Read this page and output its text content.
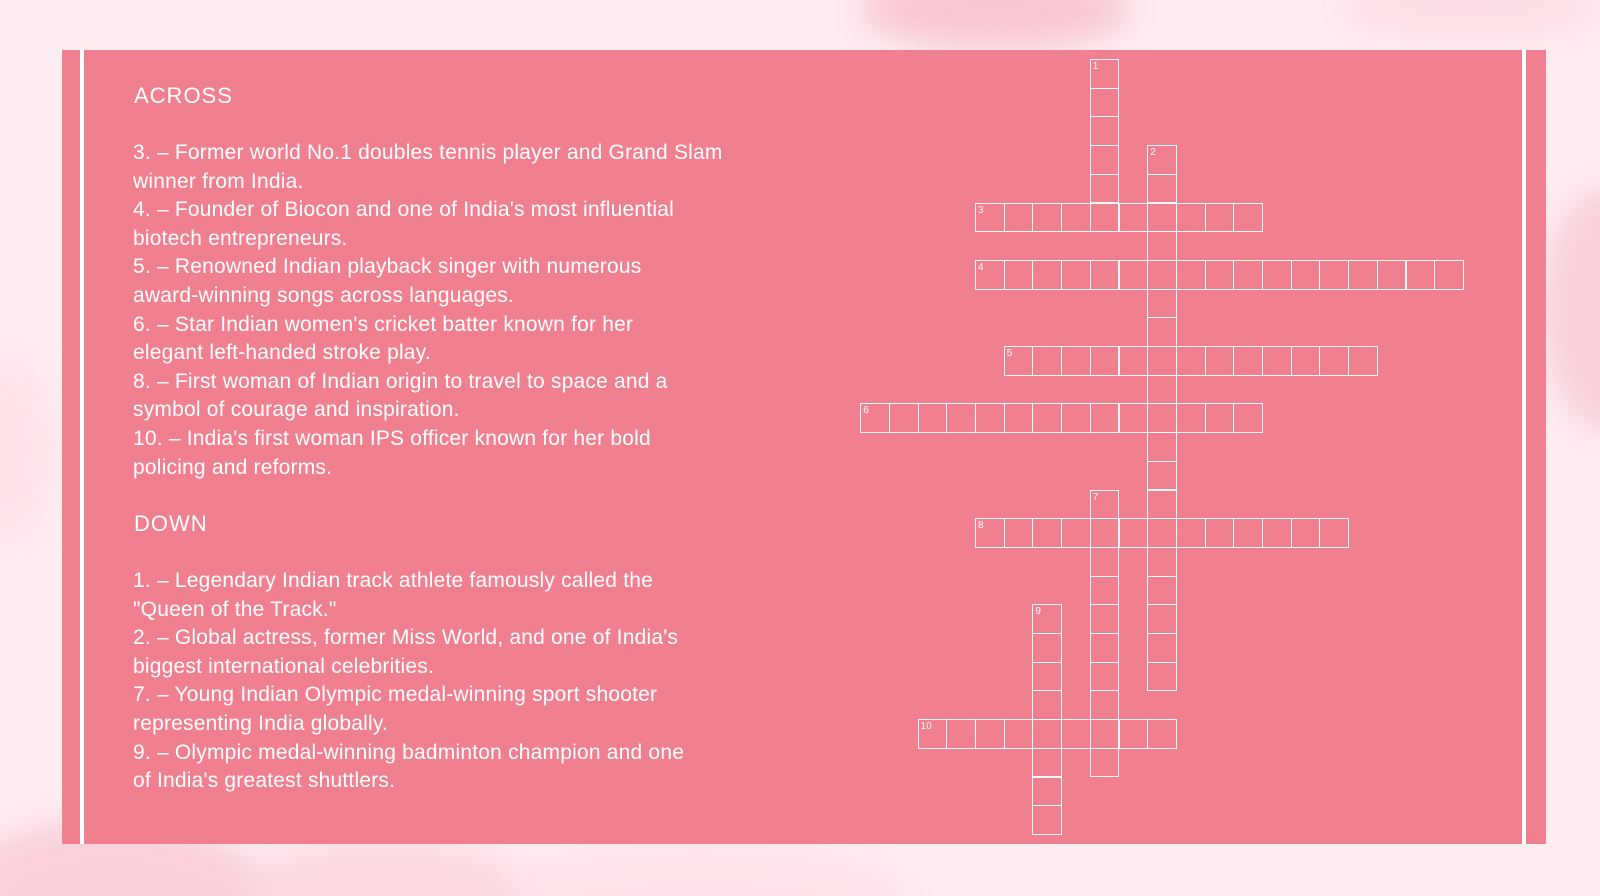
ACROSS
3. – Former world No.1 doubles tennis player and Grand Slam
winner from India.
4. – Founder of Biocon and one of India's most influential
biotech entrepreneurs.
5. – Renowned Indian playback singer with numerous
award-winning songs across languages.
6. – Star Indian women's cricket batter known for her
elegant left-handed stroke play.
8. – First woman of Indian origin to travel to space and a
symbol of courage and inspiration.
10. – India's first woman IPS officer known for her bold
policing and reforms.
DOWN
1. – Legendary Indian track athlete famously called the
"Queen of the Track."
2. – Global actress, former Miss World, and one of India's
biggest international celebrities.
7. – Young Indian Olympic medal-winning sport shooter
representing India globally.
9. – Olympic medal-winning badminton champion and one
of India's greatest shuttlers.
1
2
3
4
5
6
7
8
9
10
